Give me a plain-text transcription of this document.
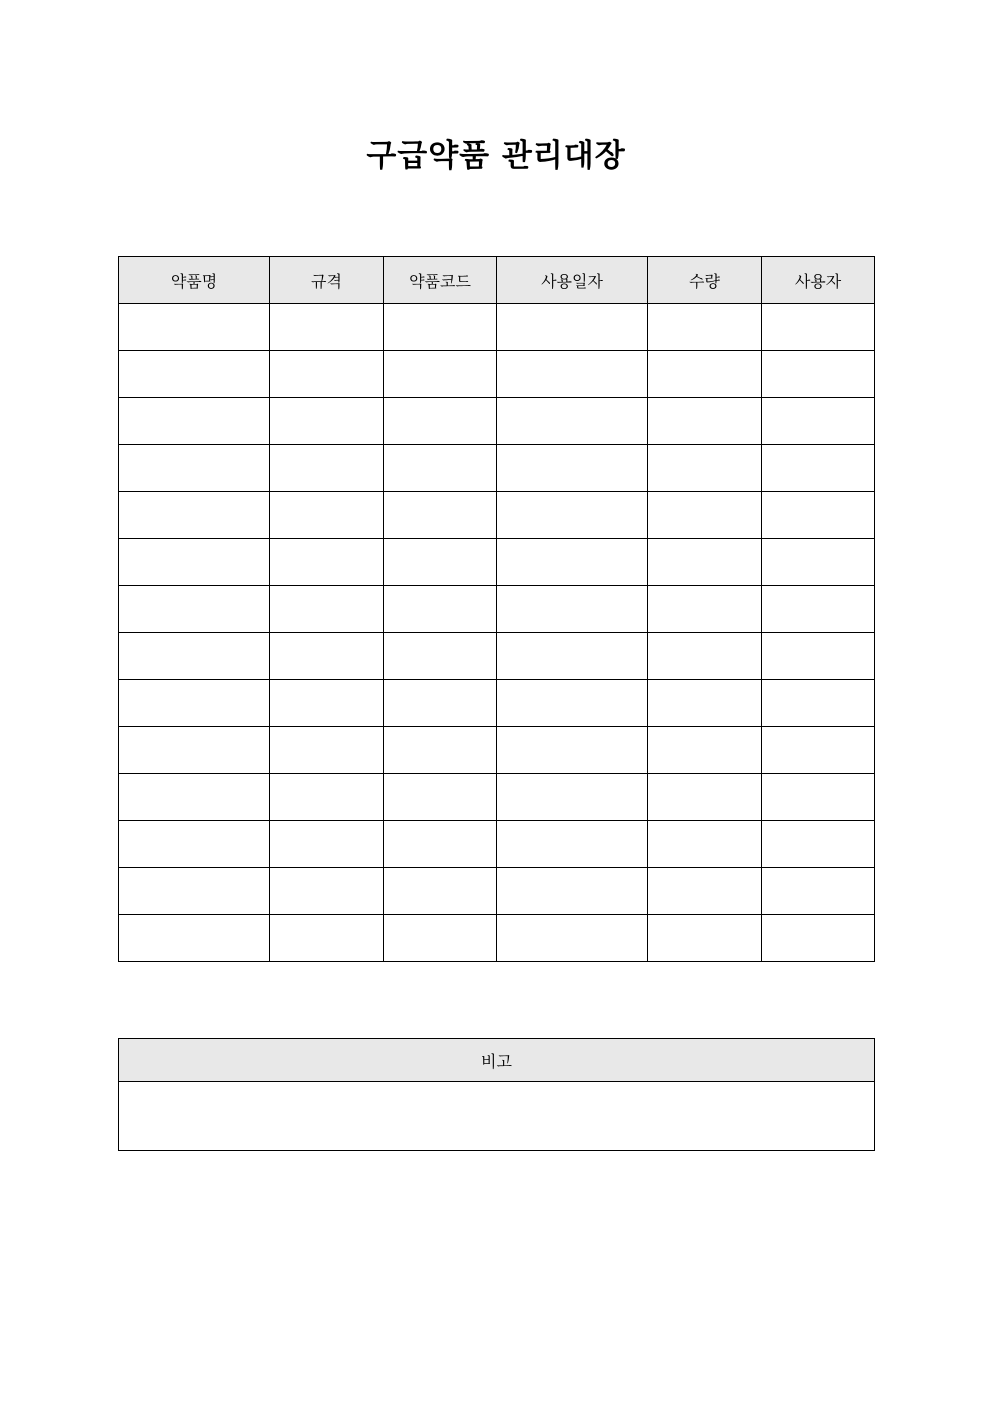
구급약품 관리대장
약품명	규격	약품코드	사용일자	수량	사용자

비고
